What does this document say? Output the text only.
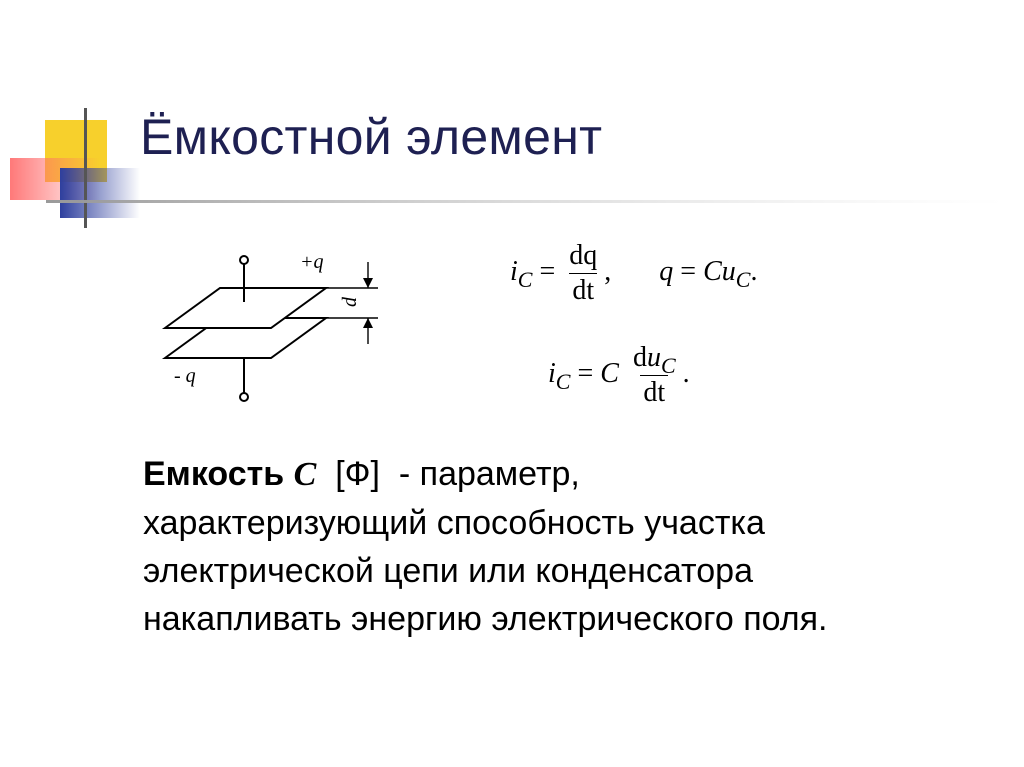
Ёмкостной элемент
+q
d
- q
$i_C = \frac{dq}{dt}$ , $q = Cu_C$.
$i_C = C \frac{du_C}{dt}$ .
Емкость C [Ф] - параметр,
характеризующий способность участка
электрической цепи или конденсатора
накапливать энергию электрического поля.
